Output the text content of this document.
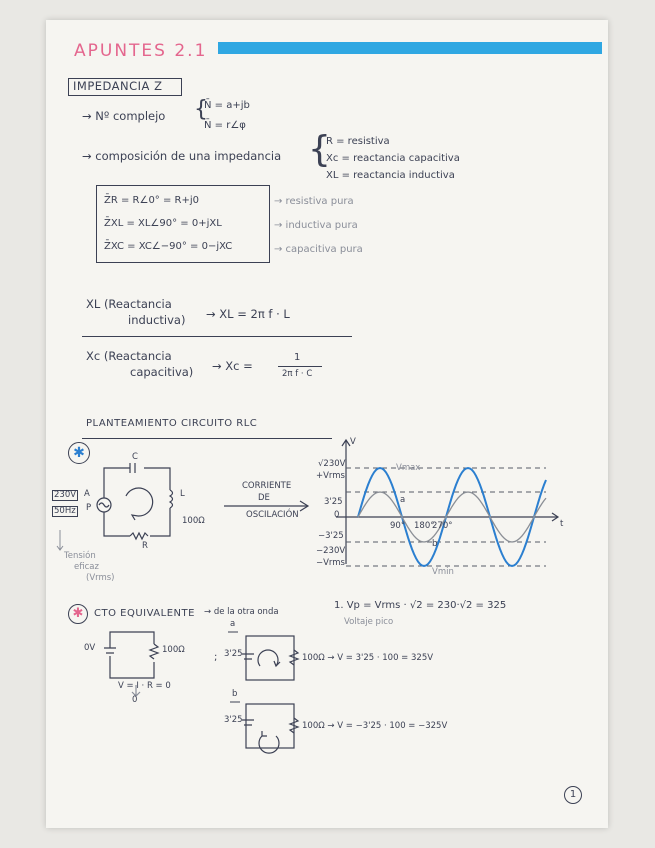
APUNTES 2.1
IMPEDANCIA Z
→ Nº complejo {
N̄ = a+jb
N̄ = r∠φ
→ composición de una impedancia {
R = resistiva
Xc = reactancia capacitiva
XL = reactancia inductiva
Z̄R = R∠0° = R+j0
Z̄XL = XL∠90° = 0+jXL
Z̄XC = XC∠−90° = 0−jXC
→ resistiva pura
→ inductiva pura
→ capacitiva pura
XL (Reactancia
inductiva) → XL = 2π f · L
Xc (Reactancia
capacitiva) → Xc =
1
2π f · C
PLANTEAMIENTO CIRCUITO RLC
✱	C
L
R
100Ω
230V
50Hz
A
P
Tensión
eficaz
(Vrms)
CORRIENTE
DE
OSCILACIÓN
V
t
√230V
+Vrms
3'25
0
−3'25
−230V
−Vrms
Vmax
90° 180°
270°
a
b
Vmin
✱	CTO EQUIVALENTE → de la otra onda
1. Vp = Vrms · √2 = 230·√2 = 325
Voltaje pico
0V	100Ω
V = I · R = 0
0
;
a
3'25	100Ω → V = 3'25 · 100 = 325V
b
3'25
100Ω → V = −3'25 · 100 = −325V
1
